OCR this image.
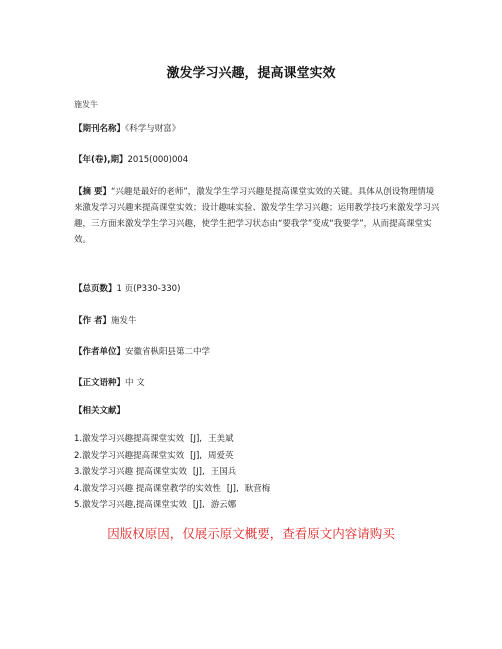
激发学习兴趣，提高课堂实效
施发牛
【期刊名称】《科学与财富》
【年(卷),期】2015(000)004
【摘 要】“兴趣是最好的老师”，激发学生学习兴趣是提高课堂实效的关键。具体从创设物理情境来激发学习兴趣来提高课堂实效；设计趣味实验、激发学生学习兴趣；运用教学技巧来激发学习兴趣，三方面来激发学生学习兴趣，使学生把学习状态由“要我学”变成“我要学”，从而提高课堂实效。
【总页数】1 页(P330-330)
【作 者】施发牛
【作者单位】安徽省枞阳县第二中学
【正文语种】中 文
【相关文献】
1.激发学习兴趣提高课堂实效 [J], 王美斌
2.激发学习兴趣提高课堂实效 [J], 周爱英
3.激发学习兴趣 提高课堂实效 [J], 王国兵
4.激发学习兴趣 提高课堂教学的实效性 [J], 耿营梅
5.激发学习兴趣,提高课堂实效 [J], 游云娜
因版权原因，仅展示原文概要，查看原文内容请购买
